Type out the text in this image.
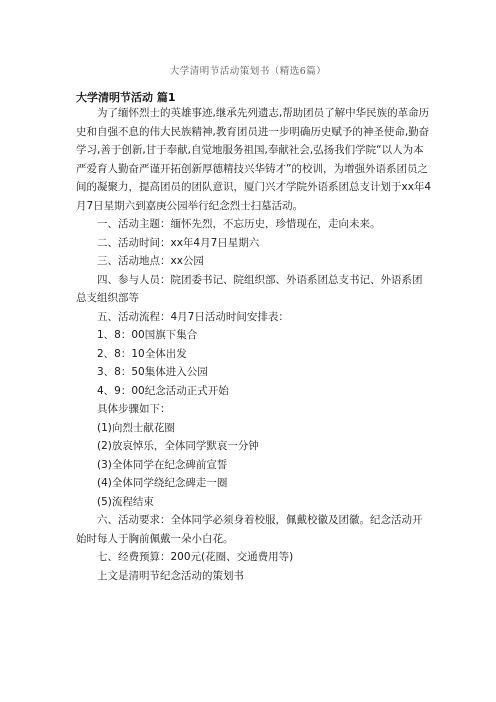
大学清明节活动策划书（精选6篇）
大学清明节活动 篇1

为了缅怀烈士的英雄事迹,继承先列遗志,帮助团员了解中华民族的革命历史和自强不息的伟大民族精神,教育团员进一步明确历史赋予的神圣使命,勤奋学习,善于创新,甘于奉献,自觉地服务祖国,奉献社会,弘扬我们学院“以人为本严爱育人勤奋严谨开拓创新厚德精技兴华铸才”的校训，为增强外语系团员之间的凝聚力，提高团员的团队意识，厦门兴才学院外语系团总支计划于xx年4月7日星期六到嘉庚公园举行纪念烈士扫墓活动。

一、活动主题：缅怀先烈，不忘历史，珍惜现在，走向未来。

二、活动时间：xx年4月7日星期六

三、活动地点：xx公园

四、参与人员：院团委书记、院组织部、外语系团总支书记、外语系团总支组织部等

五、活动流程：4月7日活动时间安排表：

1、8：00国旗下集合

2、8：10全体出发

3、8：50集体进入公园

4、9：00纪念活动正式开始

具体步骤如下：

(1)向烈士献花圈

(2)放哀悼乐，全体同学默哀一分钟

(3)全体同学在纪念碑前宣誓

(4)全体同学绕纪念碑走一圈

(5)流程结束

六、活动要求：全体同学必须身着校服，佩戴校徽及团徽。纪念活动开始时每人于胸前佩戴一朵小白花。

七、经费预算：200元(花圈、交通费用等)

上文是清明节纪念活动的策划书
